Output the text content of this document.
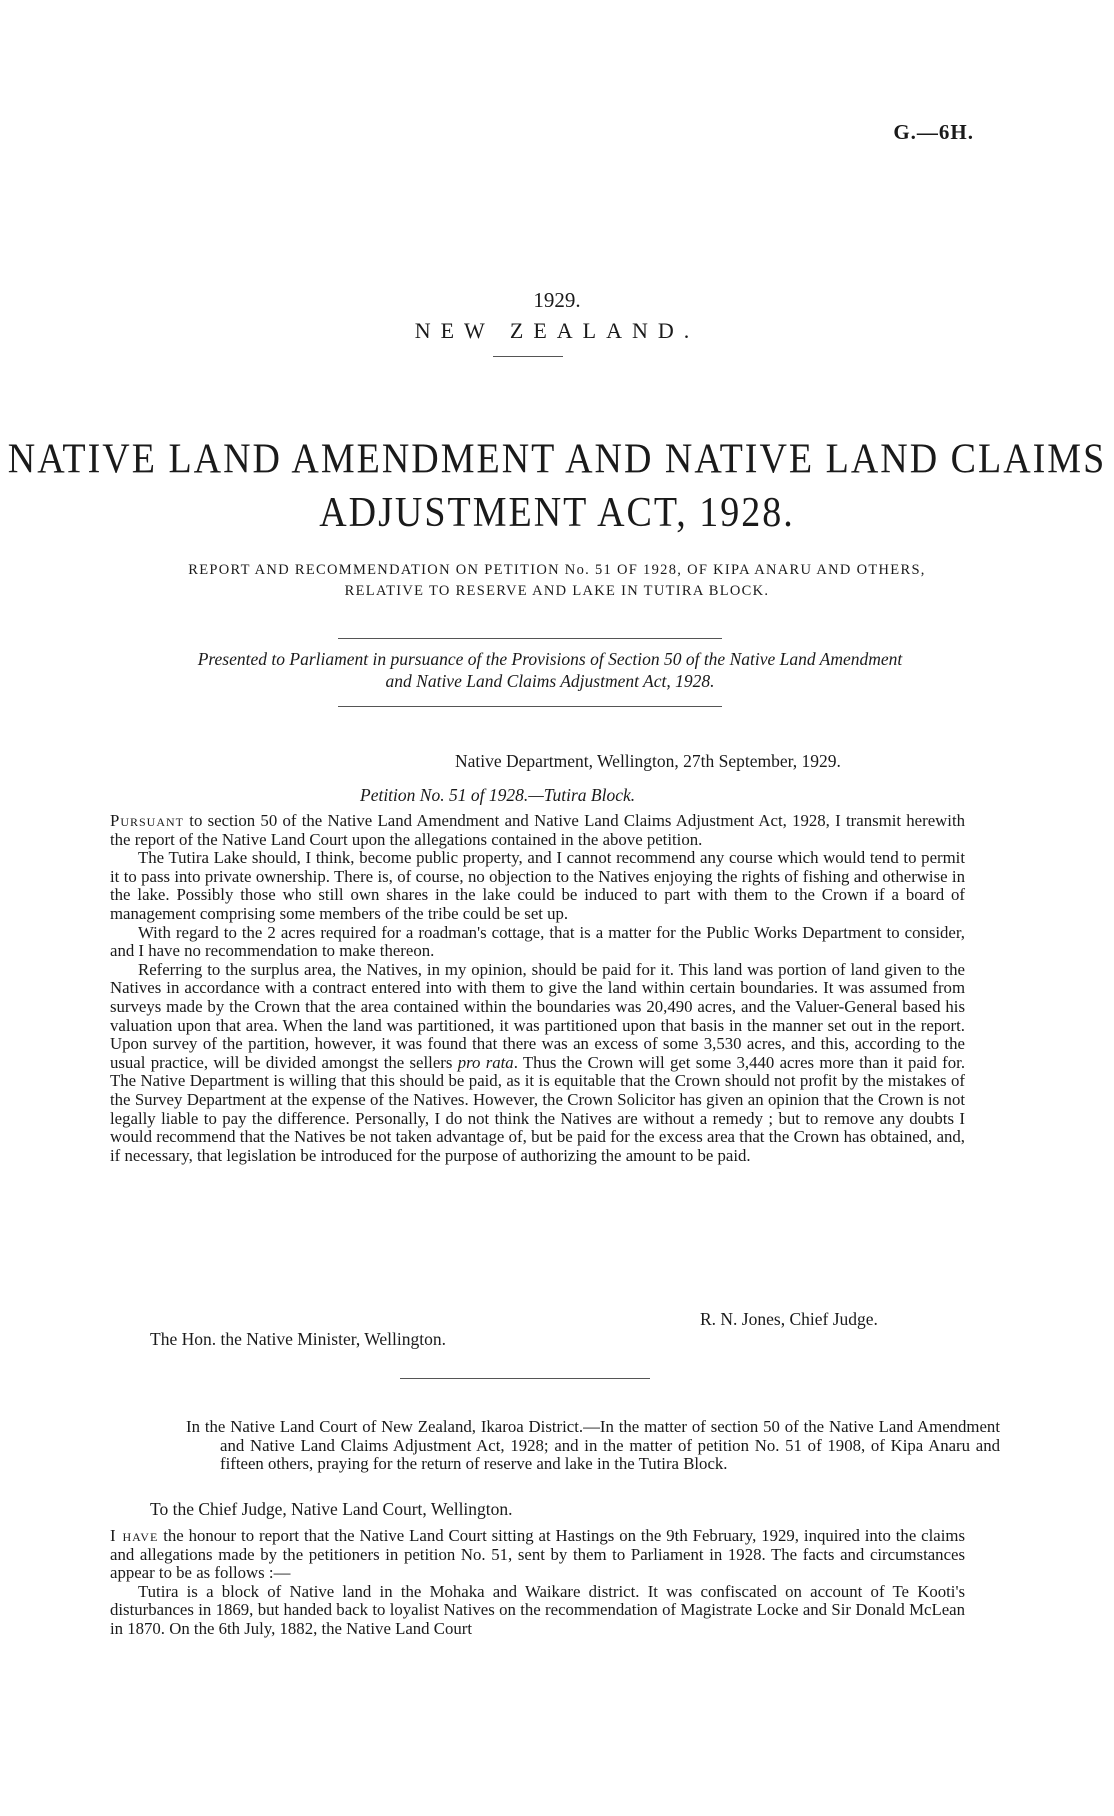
G.—6H.
1929.
NEW ZEALAND.
NATIVE LAND AMENDMENT AND NATIVE LAND CLAIMS
ADJUSTMENT ACT, 1928.
REPORT AND RECOMMENDATION ON PETITION No. 51 OF 1928, OF KIPA ANARU AND OTHERS,
RELATIVE TO RESERVE AND LAKE IN TUTIRA BLOCK.
Presented to Parliament in pursuance of the Provisions of Section 50 of the Native Land Amendment
and Native Land Claims Adjustment Act, 1928.
Native Department, Wellington, 27th September, 1929.
Petition No. 51 of 1928.—Tutira Block.

Pursuant to section 50 of the Native Land Amendment and Native Land Claims Adjustment Act, 1928, I transmit herewith the report of the Native Land Court upon the allegations contained in the above petition.

The Tutira Lake should, I think, become public property, and I cannot recommend any course which would tend to permit it to pass into private ownership. There is, of course, no objection to the Natives enjoying the rights of fishing and otherwise in the lake. Possibly those who still own shares in the lake could be induced to part with them to the Crown if a board of management comprising some members of the tribe could be set up.

With regard to the 2 acres required for a roadman's cottage, that is a matter for the Public Works Department to consider, and I have no recommendation to make thereon.

Referring to the surplus area, the Natives, in my opinion, should be paid for it. This land was portion of land given to the Natives in accordance with a contract entered into with them to give the land within certain boundaries. It was assumed from surveys made by the Crown that the area contained within the boundaries was 20,490 acres, and the Valuer-General based his valuation upon that area. When the land was partitioned, it was partitioned upon that basis in the manner set out in the report. Upon survey of the partition, however, it was found that there was an excess of some 3,530 acres, and this, according to the usual practice, will be divided amongst the sellers pro rata. Thus the Crown will get some 3,440 acres more than it paid for. The Native Department is willing that this should be paid, as it is equitable that the Crown should not profit by the mistakes of the Survey Department at the expense of the Natives. However, the Crown Solicitor has given an opinion that the Crown is not legally liable to pay the difference. Personally, I do not think the Natives are without a remedy ; but to remove any doubts I would recommend that the Natives be not taken advantage of, but be paid for the excess area that the Crown has obtained, and, if necessary, that legislation be introduced for the purpose of authorizing the amount to be paid.

R. N. Jones, Chief Judge.
The Hon. the Native Minister, Wellington.
In the Native Land Court of New Zealand, Ikaroa District.—In the matter of section 50 of the Native Land Amendment and Native Land Claims Adjustment Act, 1928; and in the matter of petition No. 51 of 1908, of Kipa Anaru and fifteen others, praying for the return of reserve and lake in the Tutira Block.
To the Chief Judge, Native Land Court, Wellington.

I have the honour to report that the Native Land Court sitting at Hastings on the 9th February, 1929, inquired into the claims and allegations made by the petitioners in petition No. 51, sent by them to Parliament in 1928. The facts and circumstances appear to be as follows :—

Tutira is a block of Native land in the Mohaka and Waikare district. It was confiscated on account of Te Kooti's disturbances in 1869, but handed back to loyalist Natives on the recommendation of Magistrate Locke and Sir Donald McLean in 1870. On the 6th July, 1882, the Native Land Court
